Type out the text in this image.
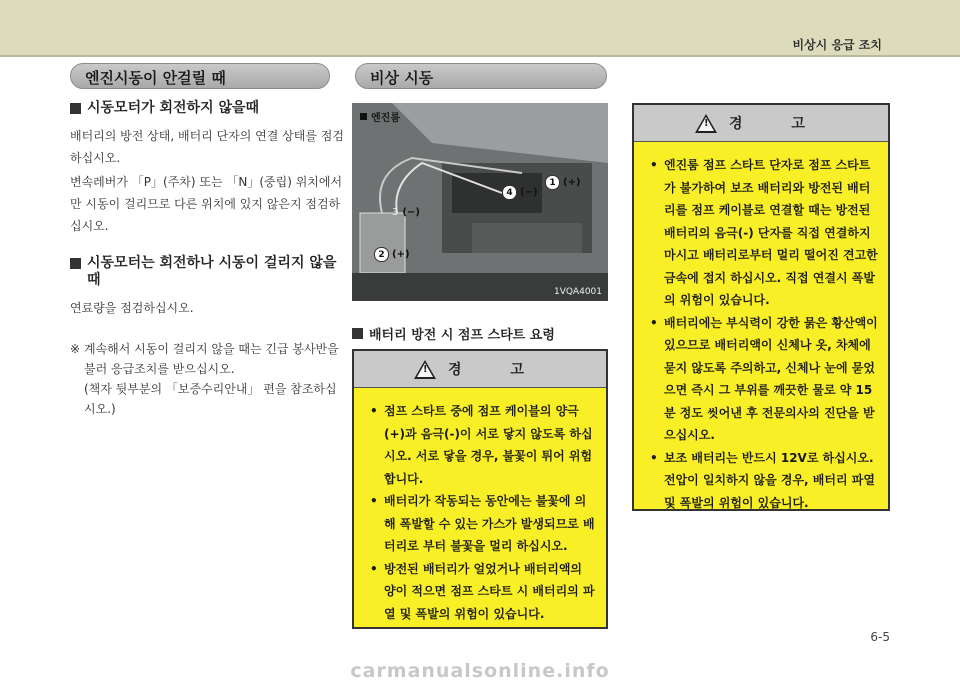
비상시 응급 조치
엔진시동이 안걸릴 때	비상 시동
시동모터가 회전하지 않을때
배터리의 방전 상태, 배터리 단자의 연결 상태를 점검하십시오.
변속레버가 「P」(주차) 또는 「N」(중립) 위치에서 만 시동이 걸리므로 다른 위치에 있지 않은지 점검하십시오.
시동모터는 회전하나 시동이 걸리지 않을때
연료량을 점검하십시오.
※ 계속해서 시동이 걸리지 않을 때는 긴급 봉사반을 불러 응급조치를 받으십시오.
(책자 뒷부분의 「보증수리안내」 편을 참조하십시오.)
엔진룸
1 (+)
2 (+)
3 (−)
4 (−)
1VQA4001
배터리 방전 시 점프 스타트 요령
! 경 고
• 점프 스타트 중에 점프 케이블의 양극(+)과 음극(-)이 서로 닿지 않도록 하십시오. 서로 닿을 경우, 불꽃이 튀어 위험합니다.
• 배터리가 작동되는 동안에는 불꽃에 의해 폭발할 수 있는 가스가 발생되므로 배터리로 부터 불꽃을 멀리 하십시오.
• 방전된 배터리가 얼었거나 배터리액의 양이 적으면 점프 스타트 시 배터리의 파열 및 폭발의 위험이 있습니다.
! 경 고
• 엔진룸 점프 스타트 단자로 점프 스타트가 불가하여 보조 배터리와 방전된 배터리를 점프 케이블로 연결할 때는 방전된 배터리의 음극(-) 단자를 직접 연결하지 마시고 배터리로부터 멀리 떨어진 견고한 금속에 접지 하십시오. 직접 연결시 폭발의 위험이 있습니다.
• 배터리에는 부식력이 강한 묽은 황산액이 있으므로 배터리액이 신체나 옷, 차체에 묻지 않도록 주의하고, 신체나 눈에 묻었으면 즉시 그 부위를 깨끗한 물로 약 15분 정도 씻어낸 후 전문의사의 진단을 받으십시오.
• 보조 배터리는 반드시 12V로 하십시오. 전압이 일치하지 않을 경우, 배터리 파열 및 폭발의 위험이 있습니다.
6-5
carmanualsonline.info
